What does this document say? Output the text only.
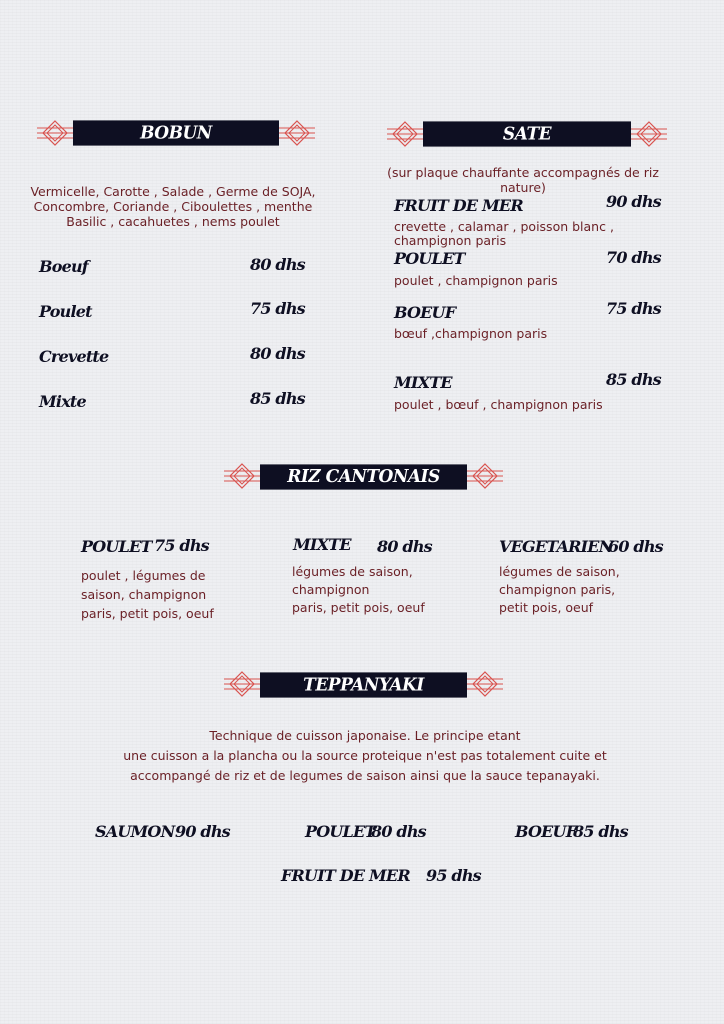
BOBUN
Vermicelle, Carotte , Salade , Germe de SOJA,
Concombre, Coriande , Ciboulettes , menthe
Basilic , cacahuetes , nems poulet
Boeuf	80 dhs
Poulet	75 dhs
Crevette	80 dhs
Mixte	85 dhs
SATE
(sur plaque chauffante accompagnés de riz nature)
FRUIT DE MER	90 dhs
crevette , calamar , poisson blanc ,
champignon paris
POULET	70 dhs
poulet , champignon paris
BOEUF	75 dhs
bœuf ,champignon paris
MIXTE	85 dhs
poulet , bœuf , champignon paris
RIZ CANTONAIS
POULET 75 dhs
poulet , légumes de
saison, champignon
paris, petit pois, oeuf
MIXTE 80 dhs
légumes de saison,
champignon
paris, petit pois, oeuf
VEGETARIEN
60 dhs
légumes de saison,
champignon paris,
petit pois, oeuf
TEPPANYAKI
Technique de cuisson japonaise. Le principe etant
une cuisson a la plancha ou la source proteique n'est pas totalement cuite et
accompangé de riz et de legumes de saison ainsi que la sauce tepanayaki.
SAUMON 90 dhs	POULET
80 dhs	BOEUF
85 dhs
FRUIT DE MER 95 dhs
